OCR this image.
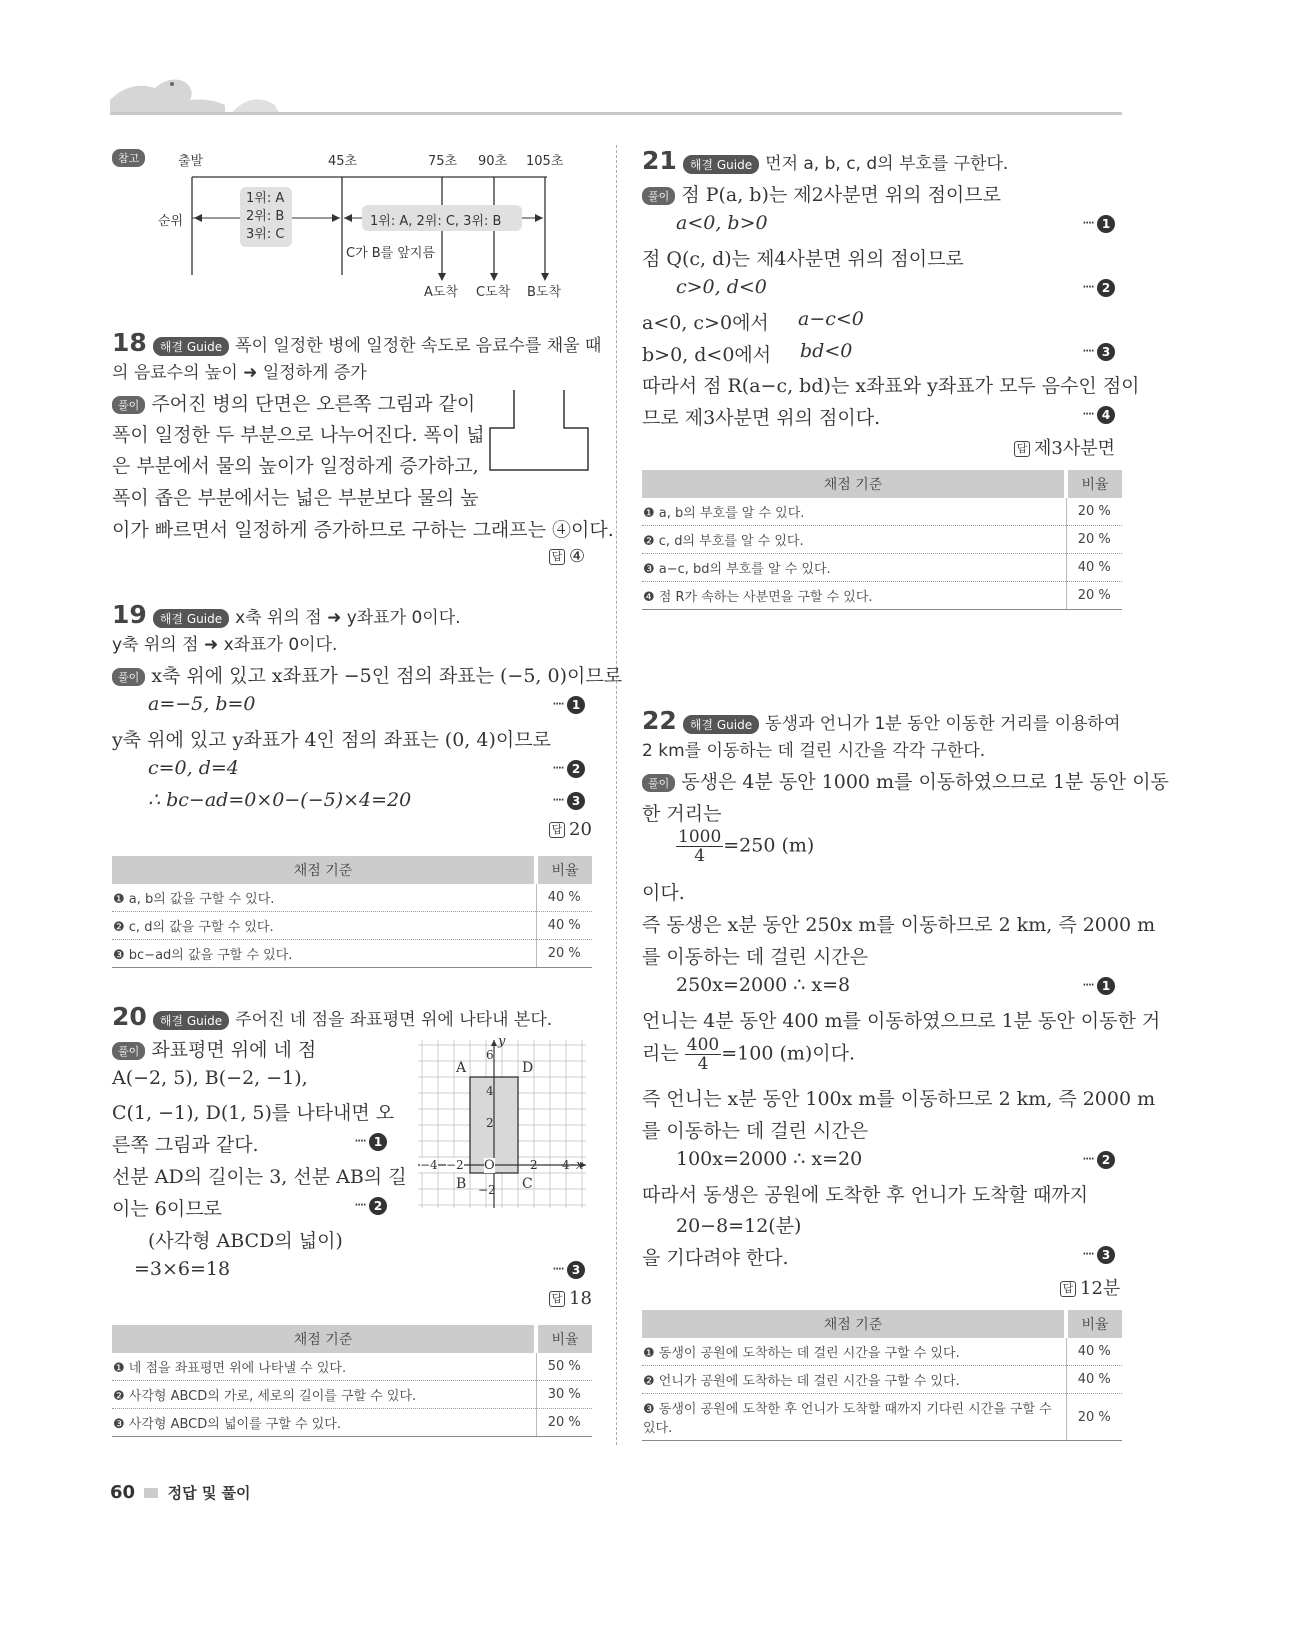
참고	출발	45초	75초 90초 105초
순위
1위: A
2위: B
3위: C
1위: A, 2위: C, 3위: B
C가 B를 앞지름
A도착 C도착 B도착
18 해결 Guide 폭이 일정한 병에 일정한 속도로 음료수를 채울 때
의 음료수의 높이 ➜ 일정하게 증가
풀이 주어진 병의 단면은 오른쪽 그림과 같이
폭이 일정한 두 부분으로 나누어진다. 폭이 넓
은 부분에서 물의 높이가 일정하게 증가하고,
폭이 좁은 부분에서는 넓은 부분보다 물의 높
이가 빠르면서 일정하게 증가하므로 구하는 그래프는 ④이다.
답 ④
19 해결 Guide x축 위의 점 ➜ y좌표가 0이다.
y축 위의 점 ➜ x좌표가 0이다.
풀이 x축 위에 있고 x좌표가 −5인 점의 좌표는 (−5, 0)이므로
a=−5, b=0	···· 1
y축 위에 있고 y좌표가 4인 점의 좌표는 (0, 4)이므로
c=0, d=4	···· 2
∴ bc−ad=0×0−(−5)×4=20	···· 3
답 20
채점 기준	비율
❶ a, b의 값을 구할 수 있다.	40 %
❷ c, d의 값을 구할 수 있다.	40 %
❸ bc−ad의 값을 구할 수 있다.	20 %
20 해결 Guide 주어진 네 점을 좌표평면 위에 나타내 본다.
풀이 좌표평면 위에 네 점
A(−2, 5), B(−2, −1),
C(1, −1), D(1, 5)를 나타내면 오
른쪽 그림과 같다.	···· 1
선분 AD의 길이는 3, 선분 AB의 길
이는 6이므로	···· 2
(사각형 ABCD의 넓이)
=3×6=18	···· 3
y
x
O
6
4
2
−2
−4 −2	2 4
A
B	C
D
답 18
채점 기준	비율
❶ 네 점을 좌표평면 위에 나타낼 수 있다.	50 %
❷ 사각형 ABCD의 가로, 세로의 길이를 구할 수 있다.	30 %
❸ 사각형 ABCD의 넓이를 구할 수 있다.	20 %
21 해결 Guide 먼저 a, b, c, d의 부호를 구한다.
풀이 점 P(a, b)는 제2사분면 위의 점이므로
a<0, b>0	···· 1
점 Q(c, d)는 제4사분면 위의 점이므로
c>0, d<0	···· 2
a<0, c>0에서 a−c<0
b>0, d<0에서 bd<0	···· 3
따라서 점 R(a−c, bd)는 x좌표와 y좌표가 모두 음수인 점이
므로 제3사분면 위의 점이다.	···· 4
답 제3사분면
채점 기준	비율
❶ a, b의 부호를 알 수 있다.	20 %
❷ c, d의 부호를 알 수 있다.	20 %
❸ a−c, bd의 부호를 알 수 있다.	40 %
❹ 점 R가 속하는 사분면을 구할 수 있다.	20 %
22 해결 Guide 동생과 언니가 1분 동안 이동한 거리를 이용하여
2 km를 이동하는 데 걸린 시간을 각각 구한다.
풀이 동생은 4분 동안 1000 m를 이동하였으므로 1분 동안 이동
한 거리는
$\frac{1000}{4} =250$ (m)
이다.
즉 동생은 x분 동안 250x m를 이동하므로 2 km, 즉 2000 m
를 이동하는 데 걸린 시간은
250x=2000 ∴ x=8	···· 1
언니는 4분 동안 400 m를 이동하였으므로 1분 동안 이동한 거
리는 $\frac{400}{4} =100$ (m)이다.
즉 언니는 x분 동안 100x m를 이동하므로 2 km, 즉 2000 m
를 이동하는 데 걸린 시간은
100x=2000 ∴ x=20	···· 2
따라서 동생은 공원에 도착한 후 언니가 도착할 때까지
20−8=12(분)
을 기다려야 한다.	···· 3
답 12분
채점 기준	비율
❶ 동생이 공원에 도착하는 데 걸린 시간을 구할 수 있다.	40 %
❷ 언니가 공원에 도착하는 데 걸린 시간을 구할 수 있다.	40 %
❸ 동생이 공원에 도착한 후 언니가 도착할 때까지 기다린 시간을 구할 수 있다.	20 %
60 정답 및 풀이
